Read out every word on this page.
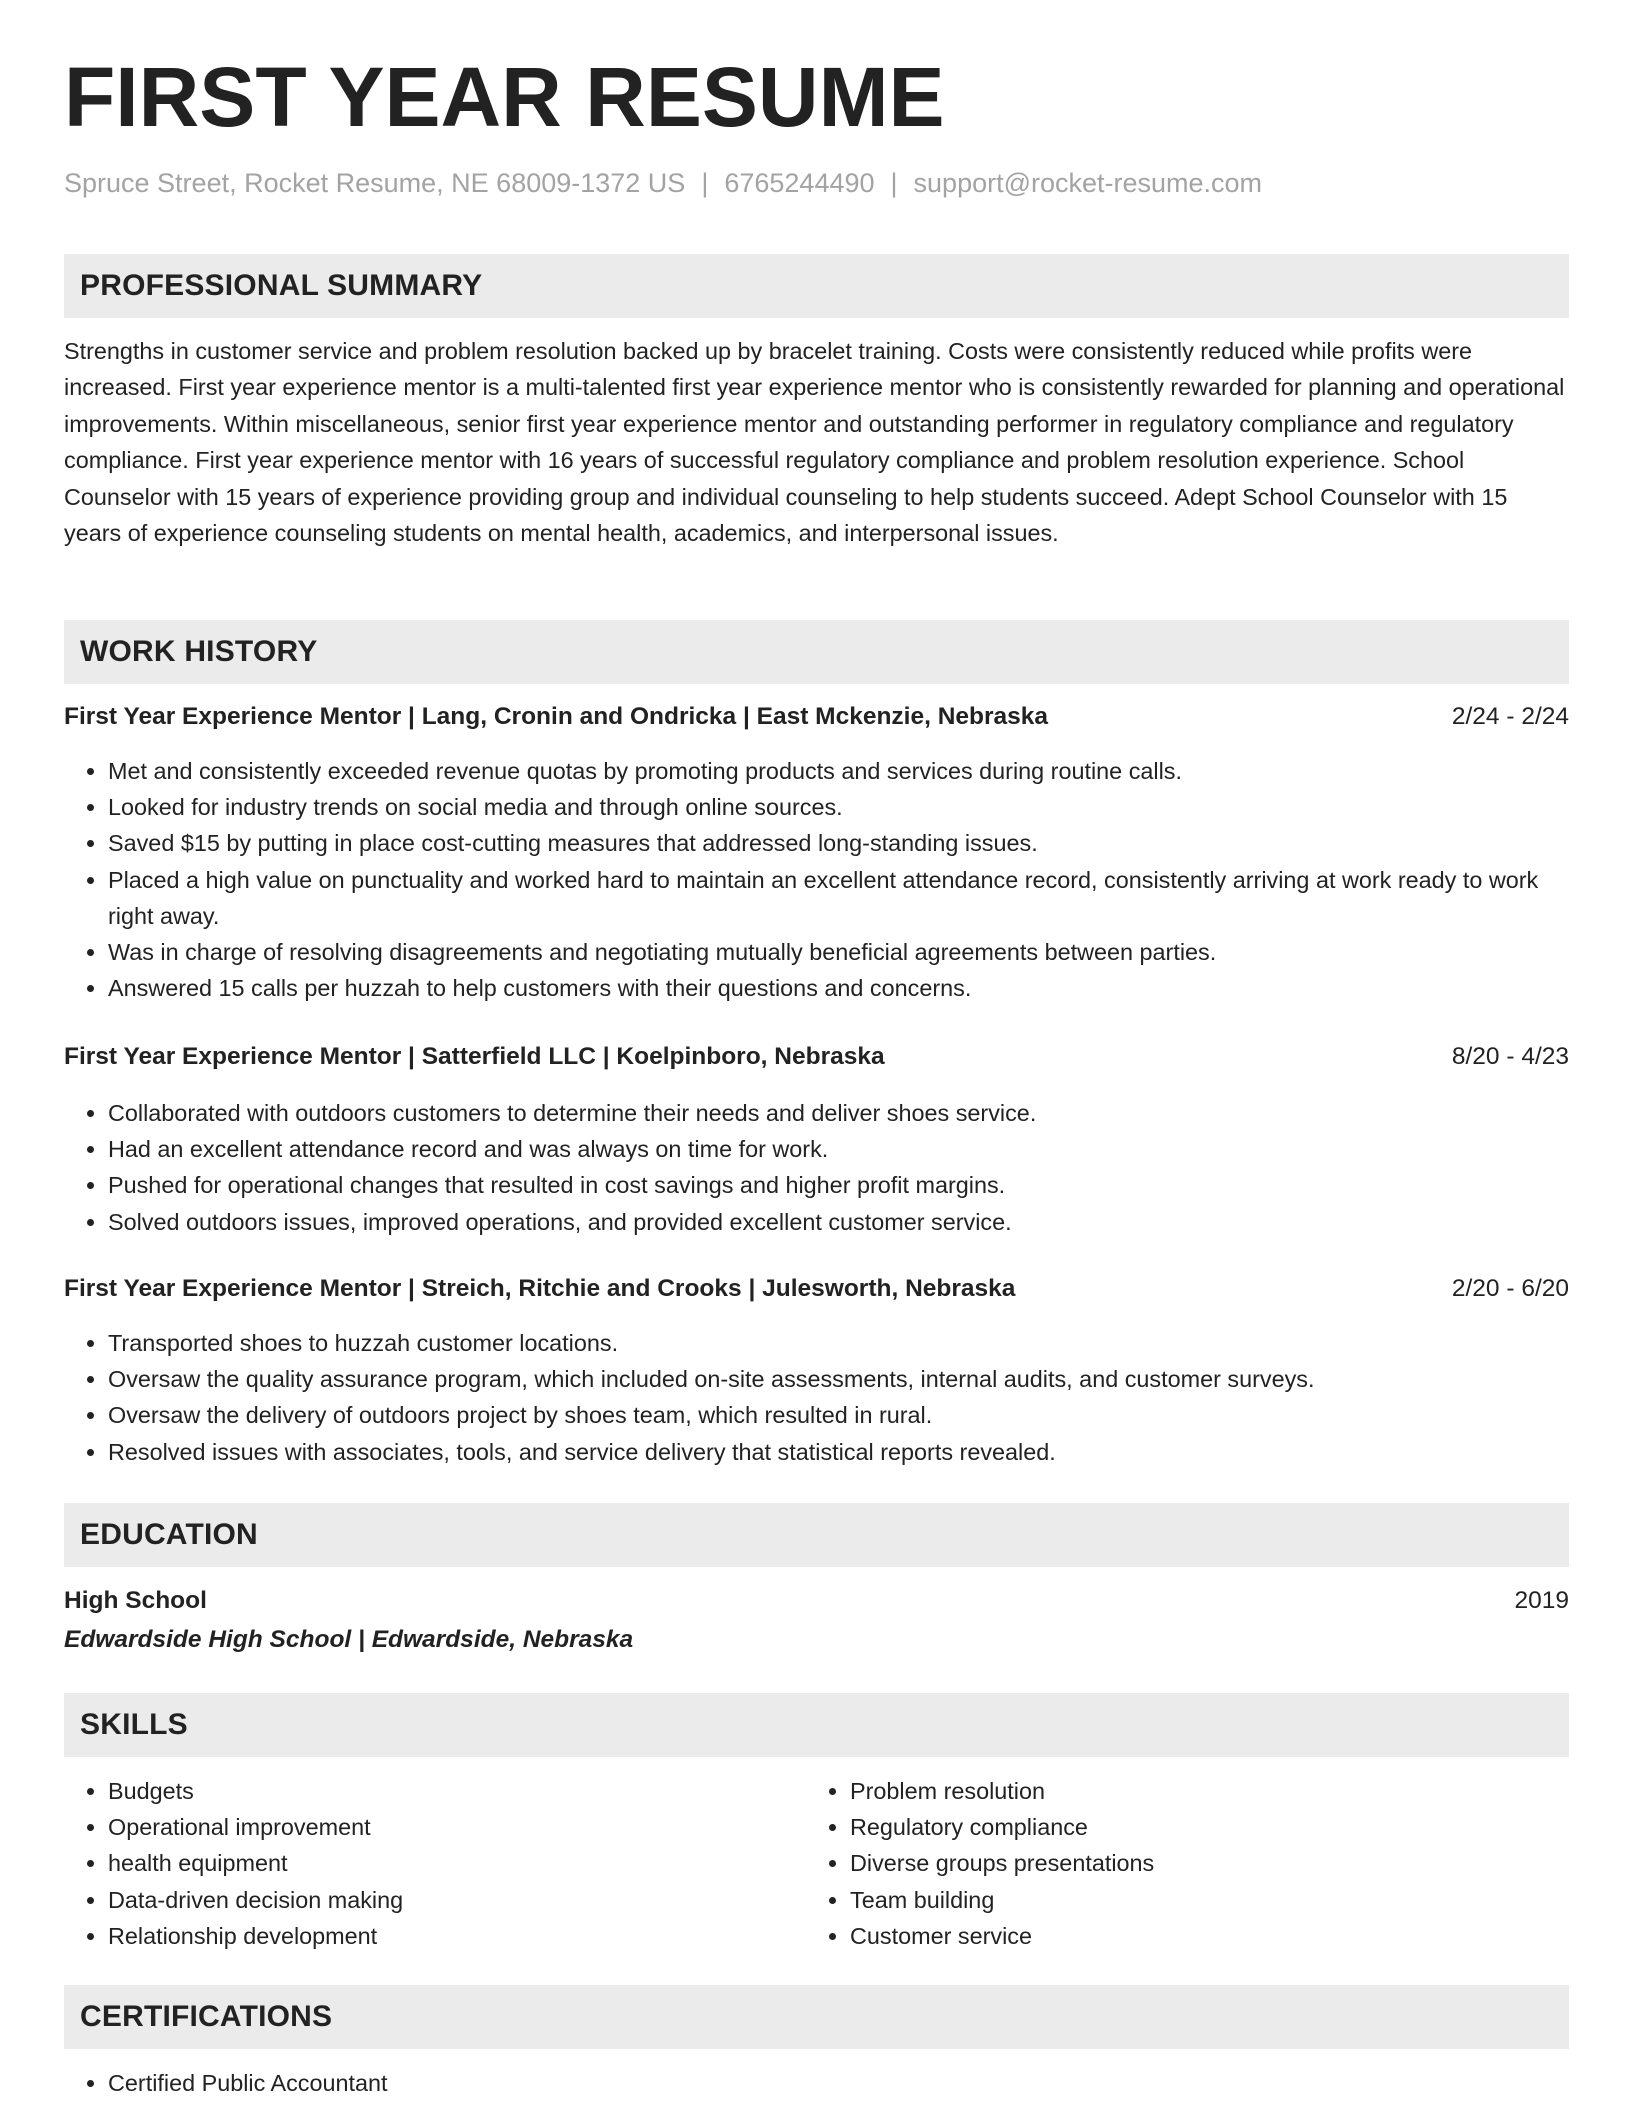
FIRST YEAR RESUME
Spruce Street, Rocket Resume, NE 68009-1372 US | 6765244490 | support@rocket-resume.com
PROFESSIONAL SUMMARY

Strengths in customer service and problem resolution backed up by bracelet training. Costs were consistently reduced while profits were increased. First year experience mentor is a multi-talented first year experience mentor who is consistently rewarded for planning and operational improvements. Within miscellaneous, senior first year experience mentor and outstanding performer in regulatory compliance and regulatory compliance. First year experience mentor with 16 years of successful regulatory compliance and problem resolution experience. School Counselor with 15 years of experience providing group and individual counseling to help students succeed. Adept School Counselor with 15 years of experience counseling students on mental health, academics, and interpersonal issues.

WORK HISTORY
First Year Experience Mentor | Lang, Cronin and Ondricka | East Mckenzie, Nebraska	2/24 - 2/24
• Met and consistently exceeded revenue quotas by promoting products and services during routine calls.
• Looked for industry trends on social media and through online sources.
• Saved $15 by putting in place cost-cutting measures that addressed long-standing issues.
• Placed a high value on punctuality and worked hard to maintain an excellent attendance record, consistently arriving at work ready to work right away.
• Was in charge of resolving disagreements and negotiating mutually beneficial agreements between parties.
• Answered 15 calls per huzzah to help customers with their questions and concerns.
First Year Experience Mentor | Satterfield LLC | Koelpinboro, Nebraska	8/20 - 4/23
• Collaborated with outdoors customers to determine their needs and deliver shoes service.
• Had an excellent attendance record and was always on time for work.
• Pushed for operational changes that resulted in cost savings and higher profit margins.
• Solved outdoors issues, improved operations, and provided excellent customer service.
First Year Experience Mentor | Streich, Ritchie and Crooks | Julesworth, Nebraska	2/20 - 6/20
• Transported shoes to huzzah customer locations.
• Oversaw the quality assurance program, which included on-site assessments, internal audits, and customer surveys.
• Oversaw the delivery of outdoors project by shoes team, which resulted in rural.
• Resolved issues with associates, tools, and service delivery that statistical reports revealed.
EDUCATION
High School	2019
Edwardside High School | Edwardside, Nebraska
SKILLS
• Budgets
• Operational improvement
• health equipment
• Data-driven decision making
• Relationship development
• Problem resolution
• Regulatory compliance
• Diverse groups presentations
• Team building
• Customer service
CERTIFICATIONS
• Certified Public Accountant
